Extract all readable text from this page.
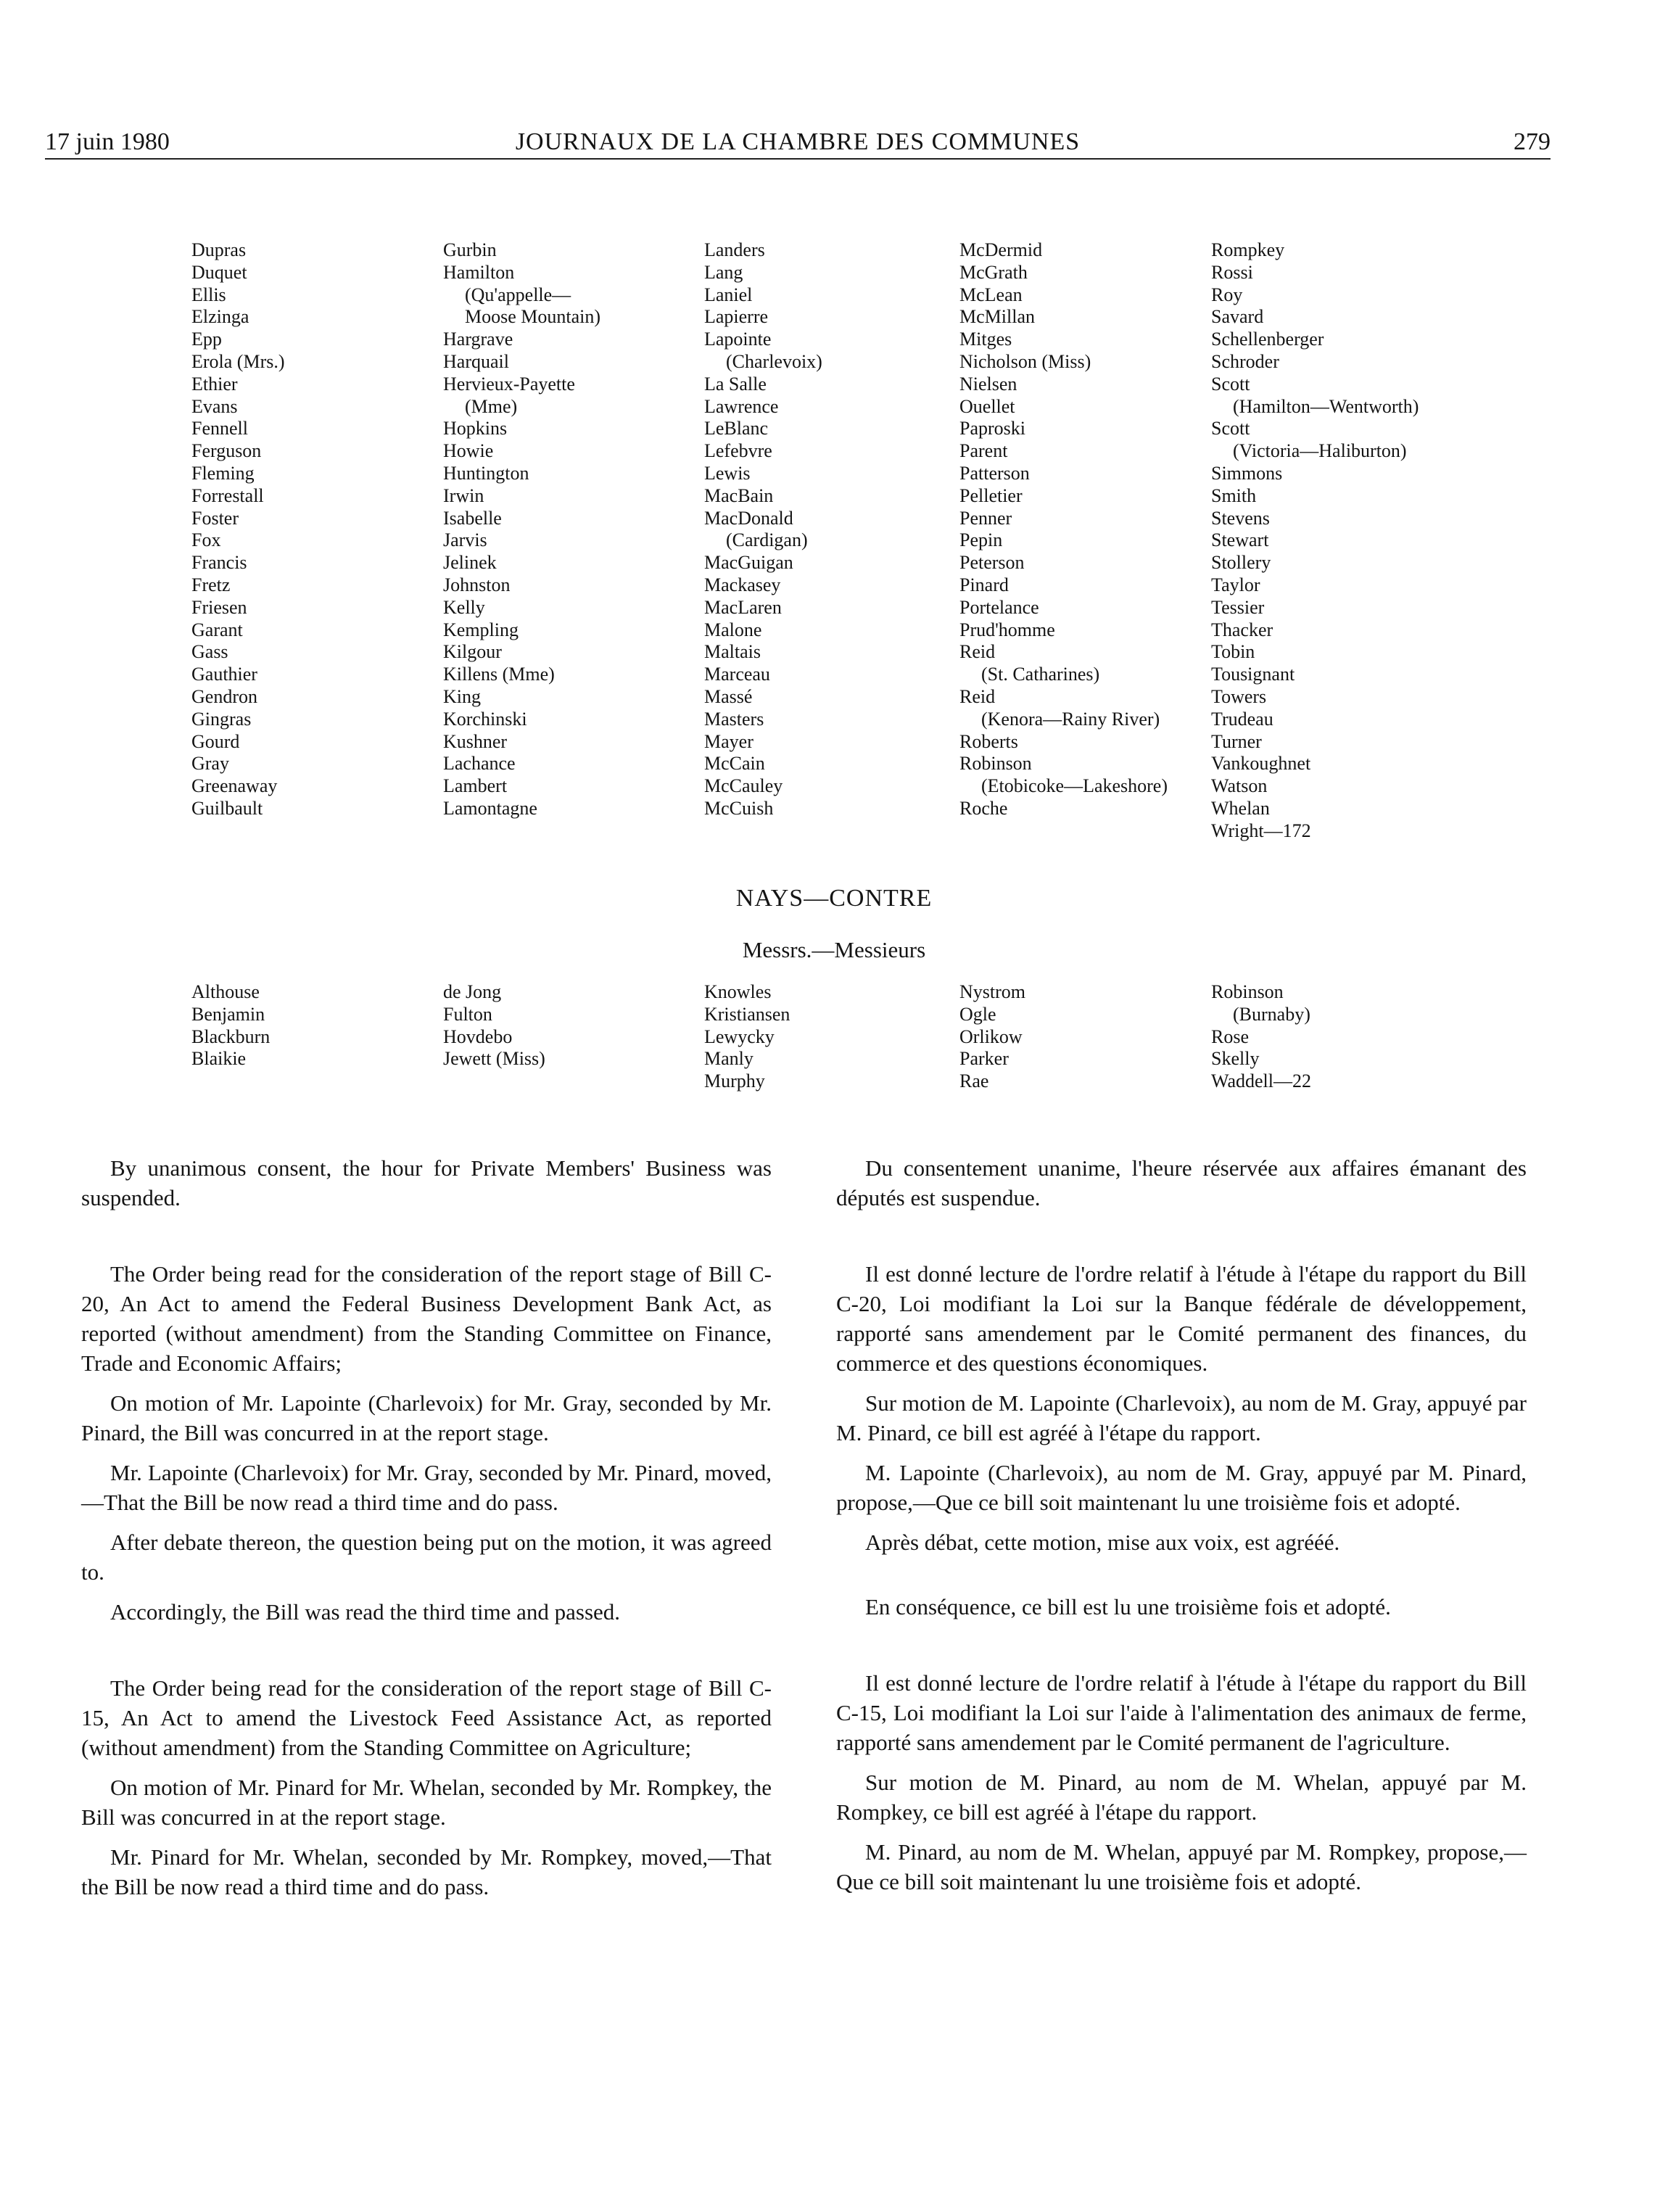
17 juin 1980	JOURNAUX DE LA CHAMBRE DES COMMUNES	279
Dupras
Duquet
Ellis
Elzinga
Epp
Erola (Mrs.)
Ethier
Evans
Fennell
Ferguson
Fleming
Forrestall
Foster
Fox
Francis
Fretz
Friesen
Garant
Gass
Gauthier
Gendron
Gingras
Gourd
Gray
Greenaway
Guilbault
Gurbin
Hamilton
(Qu'appelle—
Moose Mountain)
Hargrave
Harquail
Hervieux-Payette
(Mme)
Hopkins
Howie
Huntington
Irwin
Isabelle
Jarvis
Jelinek
Johnston
Kelly
Kempling
Kilgour
Killens (Mme)
King
Korchinski
Kushner
Lachance
Lambert
Lamontagne
Landers
Lang
Laniel
Lapierre
Lapointe
(Charlevoix)
La Salle
Lawrence
LeBlanc
Lefebvre
Lewis
MacBain
MacDonald
(Cardigan)
MacGuigan
Mackasey
MacLaren
Malone
Maltais
Marceau
Massé
Masters
Mayer
McCain
McCauley
McCuish
McDermid
McGrath
McLean
McMillan
Mitges
Nicholson (Miss)
Nielsen
Ouellet
Paproski
Parent
Patterson
Pelletier
Penner
Pepin
Peterson
Pinard
Portelance
Prud'homme
Reid
(St. Catharines)
Reid
(Kenora—Rainy River)
Roberts
Robinson
(Etobicoke—Lakeshore)
Roche
Rompkey
Rossi
Roy
Savard
Schellenberger
Schroder
Scott
(Hamilton—Wentworth)
Scott
(Victoria—Haliburton)
Simmons
Smith
Stevens
Stewart
Stollery
Taylor
Tessier
Thacker
Tobin
Tousignant
Towers
Trudeau
Turner
Vankoughnet
Watson
Whelan
Wright—172
NAYS—CONTRE
Messrs.—Messieurs
Althouse
Benjamin
Blackburn
Blaikie
de Jong
Fulton
Hovdebo
Jewett (Miss)
Knowles
Kristiansen
Lewycky
Manly
Murphy
Nystrom
Ogle
Orlikow
Parker
Rae
Robinson
(Burnaby)
Rose
Skelly
Waddell—22

By unanimous consent, the hour for Private Members' Business was suspended.

The Order being read for the consideration of the report stage of Bill C-20, An Act to amend the Federal Business Development Bank Act, as reported (without amendment) from the Standing Committee on Finance, Trade and Economic Affairs;

On motion of Mr. Lapointe (Charlevoix) for Mr. Gray, seconded by Mr. Pinard, the Bill was concurred in at the report stage.

Mr. Lapointe (Charlevoix) for Mr. Gray, seconded by Mr. Pinard, moved,—That the Bill be now read a third time and do pass.

After debate thereon, the question being put on the motion, it was agreed to.

Accordingly, the Bill was read the third time and passed.

The Order being read for the consideration of the report stage of Bill C-15, An Act to amend the Livestock Feed Assistance Act, as reported (without amendment) from the Standing Committee on Agriculture;

On motion of Mr. Pinard for Mr. Whelan, seconded by Mr. Rompkey, the Bill was concurred in at the report stage.

Mr. Pinard for Mr. Whelan, seconded by Mr. Rompkey, moved,—That the Bill be now read a third time and do pass.

Du consentement unanime, l'heure réservée aux affaires émanant des députés est suspendue.

Il est donné lecture de l'ordre relatif à l'étude à l'étape du rapport du Bill C-20, Loi modifiant la Loi sur la Banque fédérale de développement, rapporté sans amendement par le Comité permanent des finances, du commerce et des questions économiques.

Sur motion de M. Lapointe (Charlevoix), au nom de M. Gray, appuyé par M. Pinard, ce bill est agréé à l'étape du rapport.

M. Lapointe (Charlevoix), au nom de M. Gray, appuyé par M. Pinard, propose,—Que ce bill soit maintenant lu une troisième fois et adopté.

Après débat, cette motion, mise aux voix, est agrééé.

En conséquence, ce bill est lu une troisième fois et adopté.

Il est donné lecture de l'ordre relatif à l'étude à l'étape du rapport du Bill C-15, Loi modifiant la Loi sur l'aide à l'alimentation des animaux de ferme, rapporté sans amendement par le Comité permanent de l'agriculture.

Sur motion de M. Pinard, au nom de M. Whelan, appuyé par M. Rompkey, ce bill est agréé à l'étape du rapport.

M. Pinard, au nom de M. Whelan, appuyé par M. Rompkey, propose,—Que ce bill soit maintenant lu une troisième fois et adopté.
